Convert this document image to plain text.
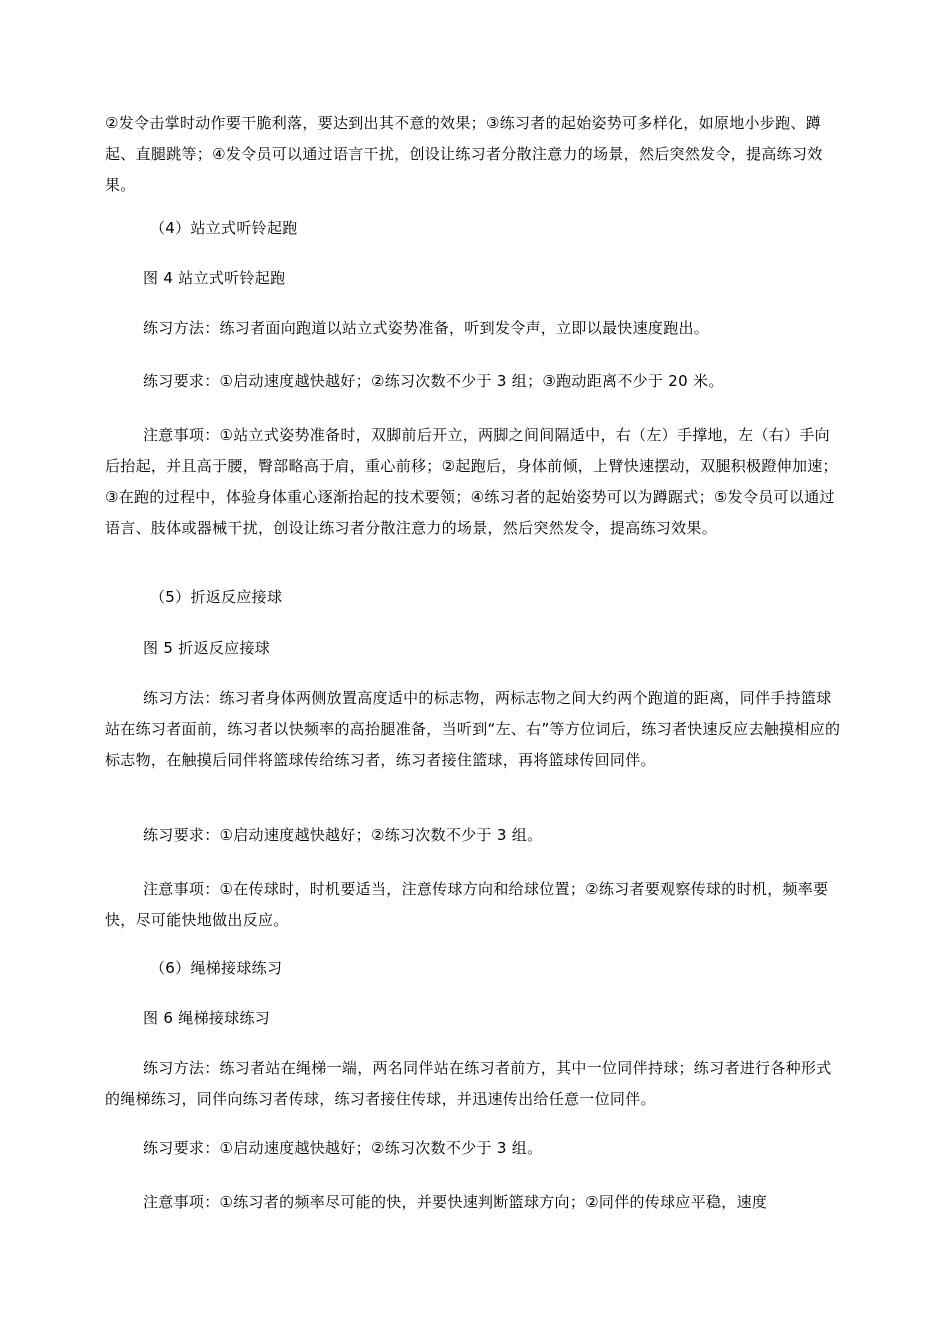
②发令击掌时动作要干脆利落，要达到出其不意的效果；③练习者的起始姿势可多样化，如原地小步跑、蹲起、直腿跳等；④发令员可以通过语言干扰，创设让练习者分散注意力的场景，然后突然发令，提高练习效果。

（4）站立式听铃起跑

图 4 站立式听铃起跑

练习方法：练习者面向跑道以站立式姿势准备，听到发令声，立即以最快速度跑出。

练习要求：①启动速度越快越好；②练习次数不少于 3 组；③跑动距离不少于 20 米。

注意事项：①站立式姿势准备时，双脚前后开立，两脚之间间隔适中，右（左）手撑地，左（右）手向后抬起，并且高于腰，臀部略高于肩，重心前移；②起跑后，身体前倾，上臂快速摆动，双腿积极蹬伸加速；③在跑的过程中，体验身体重心逐渐抬起的技术要领；④练习者的起始姿势可以为蹲踞式；⑤发令员可以通过语言、肢体或器械干扰，创设让练习者分散注意力的场景，然后突然发令，提高练习效果。

（5）折返反应接球

图 5 折返反应接球

练习方法：练习者身体两侧放置高度适中的标志物，两标志物之间大约两个跑道的距离，同伴手持篮球站在练习者面前，练习者以快频率的高抬腿准备，当听到“左、右”等方位词后，练习者快速反应去触摸相应的标志物，在触摸后同伴将篮球传给练习者，练习者接住篮球，再将篮球传回同伴。

练习要求：①启动速度越快越好；②练习次数不少于 3 组。

注意事项：①在传球时，时机要适当，注意传球方向和给球位置；②练习者要观察传球的时机，频率要快，尽可能快地做出反应。

（6）绳梯接球练习

图 6 绳梯接球练习

练习方法：练习者站在绳梯一端，两名同伴站在练习者前方，其中一位同伴持球；练习者进行各种形式的绳梯练习，同伴向练习者传球，练习者接住传球，并迅速传出给任意一位同伴。

练习要求：①启动速度越快越好；②练习次数不少于 3 组。

注意事项：①练习者的频率尽可能的快，并要快速判断篮球方向；②同伴的传球应平稳，速度
